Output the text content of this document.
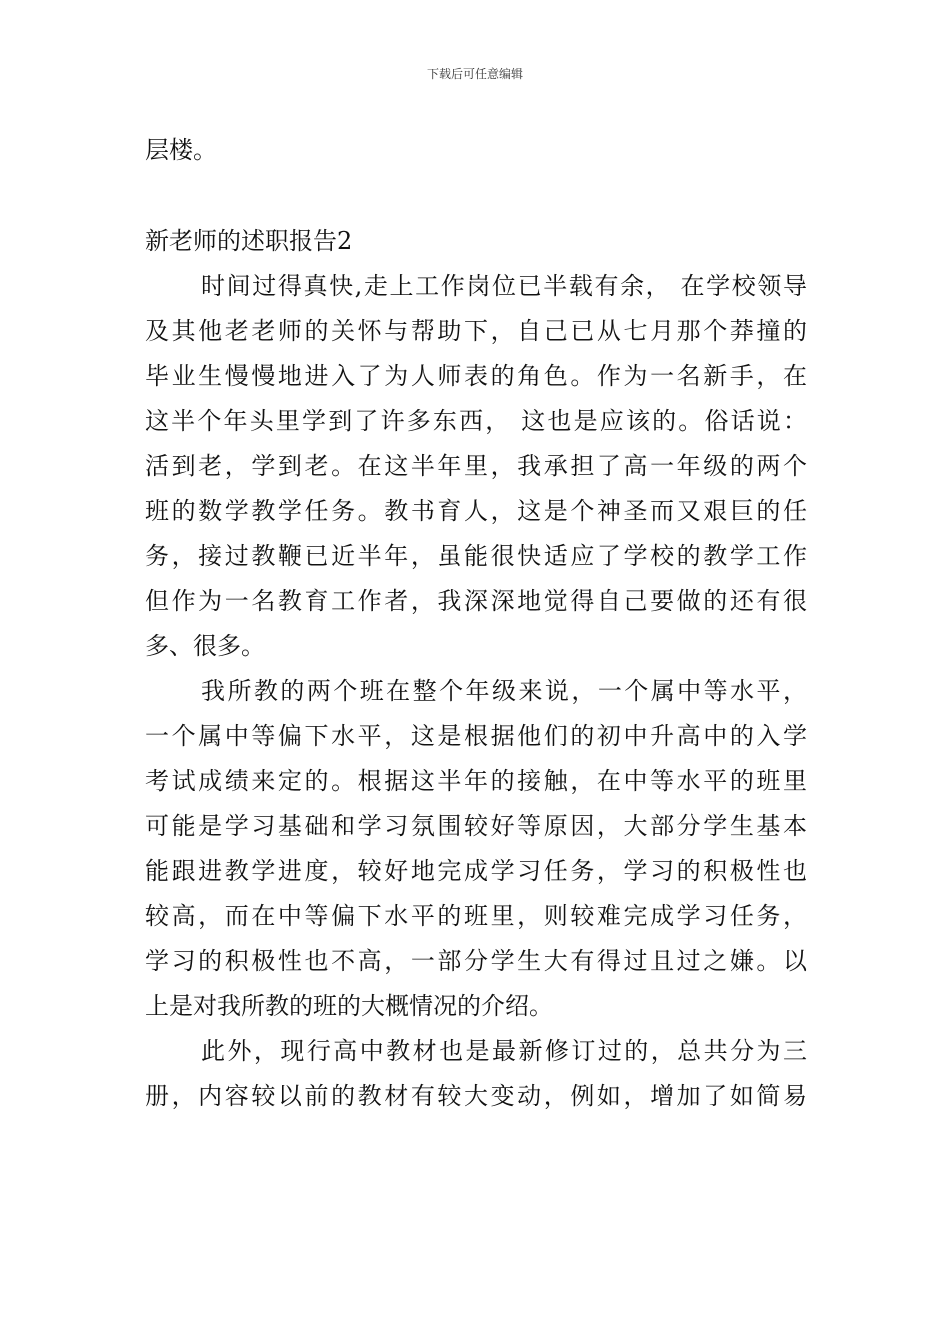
下载后可任意编辑
层楼。
新老师的述职报告2
时间过得真快,走上工作岗位已半载有余， 在学校领导
及其他老老师的关怀与帮助下，自己已从七月那个莽撞的
毕业生慢慢地进入了为人师表的角色。作为一名新手，在
这半个年头里学到了许多东西， 这也是应该的。俗话说：
活到老，学到老。在这半年里，我承担了高一年级的两个
班的数学教学任务。教书育人，这是个神圣而又艰巨的任
务，接过教鞭已近半年，虽能很快适应了学校的教学工作
但作为一名教育工作者，我深深地觉得自己要做的还有很
多、很多。
我所教的两个班在整个年级来说，一个属中等水平，
一个属中等偏下水平，这是根据他们的初中升高中的入学
考试成绩来定的。根据这半年的接触，在中等水平的班里
可能是学习基础和学习氛围较好等原因，大部分学生基本
能跟进教学进度，较好地完成学习任务，学习的积极性也
较高，而在中等偏下水平的班里，则较难完成学习任务，
学习的积极性也不高，一部分学生大有得过且过之嫌。以
上是对我所教的班的大概情况的介绍。
此外，现行高中教材也是最新修订过的，总共分为三
册，内容较以前的教材有较大变动，例如，增加了如简易
